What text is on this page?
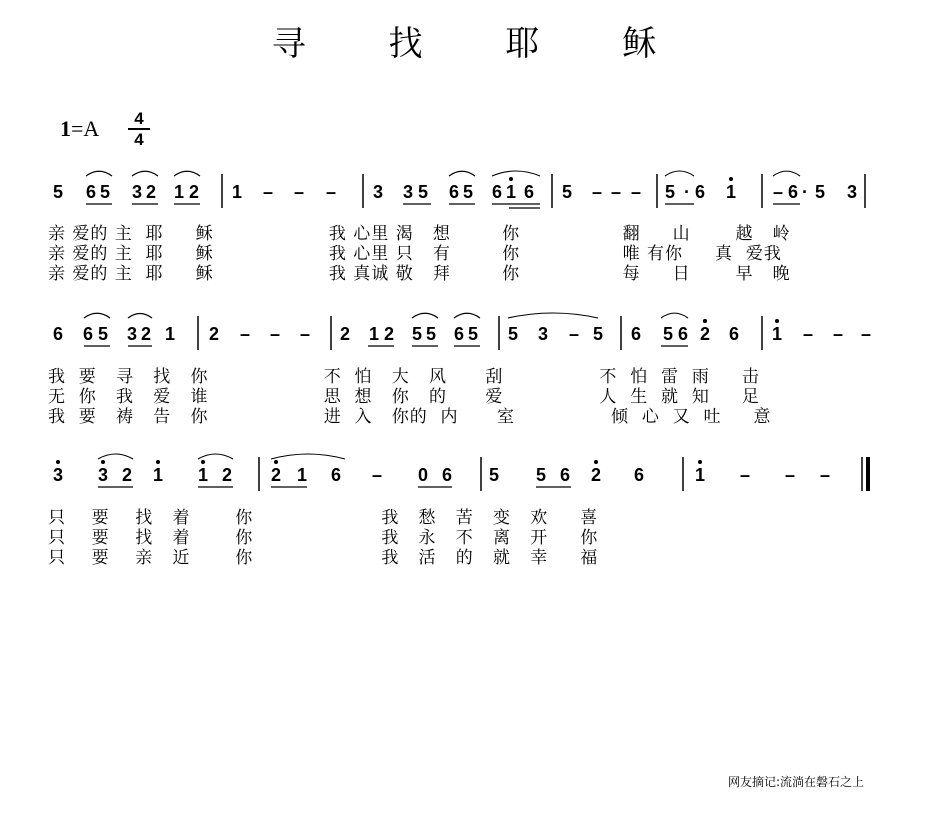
寻 找 耶 稣
1=A	4
4
5 6 5 3 2 1 2 1 – – – 3 3 5 6 5 6 1 6 5 – – – 5 · 6 1 – 6 · 5 3
6 6 5 3 2 1 2 – – – 2 1 2 5 5 6 5 5 3 – 5 6 5 6 2 6 1 – – –
3 3 2 1 1 2 2 1 6 – 0 6 5 5 6 2 6	1 – – –
亲 爱的 主  耶     稣                  我 心里 渴   想        你                翻     山       越   岭
亲 爱的 主  耶     稣                  我 心里 只   有        你                唯 有你     真  爱我
亲 爱的 主  耶     稣                  我 真诚 敬   拜        你                每     日       早   晚
我  要   寻   找   你                  不  怕   大   风      刮               不  怕  雷  雨     击
无  你   我   爱   谁                  思  想   你   的      爱               人  生  就  知     足
我  要   祷   告   你                  进  入   你的  内      室               倾  心  又  吐     意
只    要    找   着       你                    我   愁   苦   变   欢     喜
只    要    找   着       你                    我   永   不   离   开     你
只    要    亲   近       你                    我   活   的   就   幸     福
网友摘记:流淌在磐石之上
